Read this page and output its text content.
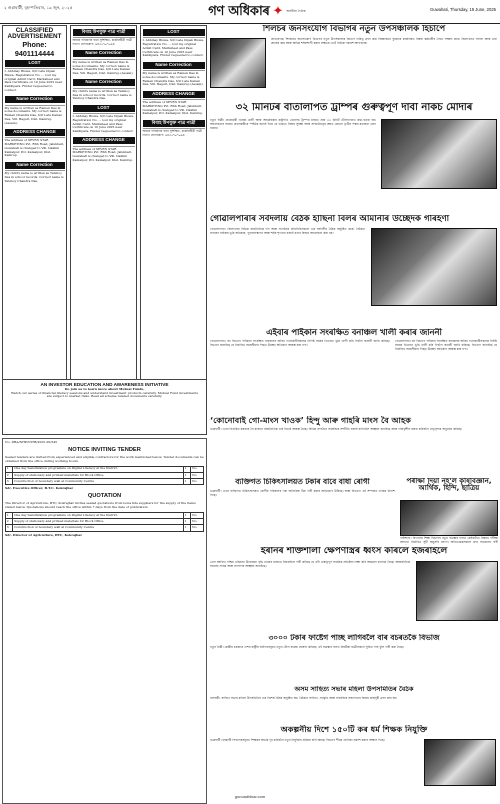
২ গুৱাহাটী, বৃহস্পতিবাৰ, ১৯ জুন, ২০২৫	গণ অধিকাৰ ✦ অসমীয়া দৈনিক	Guwahati, Thursday, 19 June, 2025
CLASSIFIED ADVERTISEMENT
Phone: 9401114444
LOST
I, Abhinay Biswa, S/O Late Dipak Biswa, Registration No. ... lost my original Admit Card, Marksheet and Pass Certificate on 10 June 2025 near Kahilipara. Finder requested to contact.
Name Correction
My name is written as Ramen Das in some documents. My correct name is Ramen Chandra Das, S/O Late Kamal Das, Vill. Baguri, Dist. Kamrup (Assam).
ADDRESS CHANGE
The address of SEVEN STAR MARKETING Pvt. RSS Road, Jalukbari, Guwahati is changed to Vill. Dakhin Kamalpur, P.O. Kamalpur, Dist. Kamrup.
Name Correction
My child's name is written as Tanmoy Das in school records. Correct name is Tanmoy Chandra Das.
বিবাহ উপযুক্ত পাত্ৰ পাত্ৰী
আমাৰ পৰিয়ালৰ বাবে সুশিক্ষিত, চাকৰিজীৱী পাত্ৰী লাগে। যোগাযোগ: ৯৪৩৫৭০৭০৯৪
Name Correction
My name is written as Ramen Das in some documents. My correct name is Ramen Chandra Das, S/O Late Kamal Das, Vill. Baguri, Dist. Kamrup (Assam).
Name Correction
My child's name is written as Tanmoy Das in school records. Correct name is Tanmoy Chandra Das.
LOST
I, Abhinay Biswa, S/O Late Dipak Biswa, Registration No. ... lost my original Admit Card, Marksheet and Pass Certificate on 10 June 2025 near Kahilipara. Finder requested to contact.
ADDRESS CHANGE
The address of SEVEN STAR MARKETING Pvt. RSS Road, Jalukbari, Guwahati is changed to Vill. Dakhin Kamalpur, P.O. Kamalpur, Dist. Kamrup.
LOST
I, Abhinay Biswa, S/O Late Dipak Biswa, Registration No. ... lost my original Admit Card, Marksheet and Pass Certificate on 10 June 2025 near Kahilipara. Finder requested to contact.
Name Correction
My name is written as Ramen Das in some documents. My correct name is Ramen Chandra Das, S/O Late Kamal Das, Vill. Baguri, Dist. Kamrup (Assam).
ADDRESS CHANGE
The address of SEVEN STAR MARKETING Pvt. RSS Road, Jalukbari, Guwahati is changed to Vill. Dakhin Kamalpur, P.O. Kamalpur, Dist. Kamrup.
বিবাহ উপযুক্ত পাত্ৰ পাত্ৰী
আমাৰ পৰিয়ালৰ বাবে সুশিক্ষিত, চাকৰিজীৱী পাত্ৰী লাগে। যোগাযোগ: ৯৪৩৫৭০৭০৯৪
AN INVESTOR EDUCATION AND AWARENESS INITIATIVE
Do join us to learn more about Mutual Funds.
Watch our series of financial literacy sessions and understand investment products carefully. Mutual Fund investments are subject to market risks. Read all scheme related documents carefully.

No. DBA/NHP/NITB/2025-26/345

NOTICE INVITING TENDER

Sealed tenders are invited from experienced and eligible contractors for the work mentioned below. Tender documents can be obtained from the office during working hours.

1	One day Sensitization programme on Digital Literacy at the District	1	No.
2	Supply of stationary and printed materials for Block Office	1	No.
3	Construction of boundary wall at Community Centre	1	No.

Sd/- Executive Officer, B.T.C. Kokrajhar

QUOTATION

The Director of Agriculture, BTC, Kokrajhar invites sealed quotations from bona fide suppliers for the supply of the items stated below. Quotations should reach the office within 7 days from the date of publication.

1	One day Sensitization programme on Digital Literacy at the District	1	No.
2	Supply of stationary and printed materials for Block Office	1	No.
3	Construction of boundary wall at Community Centre	1	No.

Sd/- Director of Agriculture, BTC, Kokrajhar

শিলচৰ জনসংযোগ বিভাগৰ নতুন উপসঞ্চালক হিচাপে
প্ৰতিবেদক। শিলচৰত জনসংযোগ বিভাগৰ নতুন উপসঞ্চালক হিচাপে দায়িত্ব গ্ৰহণ কৰা বিষয়াজনে বুধবাৰে কাৰ্যালয়ত বিষয়া কৰ্মচাৰীৰ সৈতে সাক্ষাৎ কৰে। জিলাখনত সংবাদ আৰু তথ্য প্ৰচাৰৰ কাম আৰু অধিক শক্তিশালী কৰাৰ লক্ষ্যৰে তেওঁ বিভিন্ন পৰামৰ্শ আগবঢ়ায়।
৩২ মিনিটৰ বাৰ্তালাপত ট্ৰাম্পৰ গুৰুত্বপূৰ্ণ দাবী নাকচ মোদীৰ
নতুন দিল্লী। প্ৰধানমন্ত্ৰী নৰেন্দ্ৰ মোদী আৰু আমেৰিকাৰ ৰাষ্ট্ৰপতি ডোনাল্ড ট্ৰাম্পৰ মাজত প্ৰায় ৩২ মিনিট টেলিফোনত কথা-বতৰা হয়। আলোচনাৰ সময়ত প্ৰধানমন্ত্ৰীয়ে স্পষ্টকৈ জনাই দিয়ে যে ভাৰতে নিজৰ সুৰক্ষা আৰু সাৰ্বভৌমত্বৰ প্ৰশ্নত কোনো তৃতীয় পক্ষৰ মধ্যস্থতা গ্ৰহণ নকৰে।
গোৱালপাৰাৰ সৰ্বদলীয় বৈঠক হাছিনা বিলৰ আমানীৰ উচ্ছেদক গৰিহণা
গোৱালপাৰা। জিলাখনৰ বিভিন্ন ৰাজনৈতিক দল আৰু সংগঠনৰ প্ৰতিনিধিসকলে এক সৰ্বদলীয় বৈঠক অনুষ্ঠিত কৰে। বৈঠকত সাধাৰণ ৰাইজৰ ভূমি অধিকাৰ, পুনৰসংস্থাপন আৰু শান্তি শৃংখলা বজাই ৰখাৰ বিষয়ে আলোচনা কৰা হয়।
এইবাৰ পাইকান সংৰক্ষিত বনাঞ্চল খালী কৰাৰ জাননী
গোৱালপাৰা। বন বিভাগে পাইকান সংৰক্ষিত বনাঞ্চলৰ অবৈধ দখলকাৰীসকলক নিৰ্দিষ্ট সময়ৰ ভিতৰত ভূমি খালী কৰি দিবলৈ জাননী জাৰি কৰিছে। বিভাগে জনাইছে যে নিৰ্ধাৰিত সময়সীমাৰ পিছত উচ্ছেদ অভিযান আৰম্ভ কৰা হ'ব।
গোৱালপাৰা। বন বিভাগে পাইকান সংৰক্ষিত বনাঞ্চলৰ অবৈধ দখলকাৰীসকলক নিৰ্দিষ্ট সময়ৰ ভিতৰত ভূমি খালী কৰি দিবলৈ জাননী জাৰি কৰিছে। বিভাগে জনাইছে যে নিৰ্ধাৰিত সময়সীমাৰ পিছত উচ্ছেদ অভিযান আৰম্ভ কৰা হ'ব।
‘কোনোবাই গো-মাংস খাওক’ হিন্দু আৰু গাহৰি মাংস বৈ আহক
গুৱাহাটী। এখন বিতৰ্কিত মন্তব্যক লৈ ৰাজ্যত ৰাজনৈতিক তৰ্ক বিতৰ্ক আৰম্ভ হৈছে। বিভিন্ন সংগঠনে সামাজিক সম্প্ৰীতি বজাই ৰাখিবলৈ আহ্বান জনাইছে আৰু দায়িত্বশীল মন্তব্য কৰিবলৈ নেতৃবৃন্দক অনুৰোধ কৰিছে।
ব্যক্তিগত চিকিৎসালয়ত টকাৰ বাবে বাধা ৰোগী
গুৱাহাটী। এখন ব্যক্তিগত চিকিৎসালয়ত ৰোগীৰ পৰিয়ালৰ পৰা অতিৰিক্ত টকা দাবী কৰাৰ অভিযোগ উঠিছে। স্বাস্থ্য বিভাগে এই সম্পৰ্কত তদন্তৰ নিৰ্দেশ দিছে।
পৰীক্ষা দিয়া নহ'ল কৃষিবিজ্ঞান, আৰ্থিক, হিন্দি, ছাত্ৰিয়
পাঠশালা। বিদ্যালয় শিক্ষা বিভাগৰ নতুন ব্যৱস্থাৰ ফলত কেইবাটাও বিষয়ৰ পৰীক্ষা আগতে নিৰ্ধাৰিত সূচী অনুসৰি নহ'ল। অভিভাৱকসকলে দ্ৰুত সমাধানৰ দাবী
ইৰানৰ শক্তিশালী ক্ষেপণাস্ত্ৰৰ ধ্বংস কৰিলে ইজৰাইলে
তেল আবিব। পশ্চিম এছিয়াত উত্তেজনা বৃদ্ধি হোৱাৰ মাজতে ইজৰাইলে দাবী কৰিছে যে এটা গুৰুত্বপূৰ্ণ সামৰিক প্ৰতিষ্ঠান লক্ষ্য কৰি আক্ৰমণ চলোৱা হৈছে। আন্তৰ্জাতিক সমাজে সংযম আৰু সংলাপৰ আহ্বান জনাইছে।
৩০০০ টকাৰ ফাষ্টেগ পাচ্ছ লাগিবলৈ বাৰ বচৰতকৈ বিভাজ
নতুন দিল্লী। কেন্দ্ৰীয় চৰকাৰে দেশৰ ৰাষ্ট্ৰীয় ঘাইপথসমূহত নতুন টোল ব্যৱস্থা ঘোষণা কৰিছে। এই ব্যৱস্থাৰ ফলত নিয়মীয়া যাত্ৰীসকলে সুবিধা পাব বুলি দাবী কৰা হৈছে।
অসম সাহিত্য সভাৰ মহিলা উপসমিতিৰ বৈঠক
নলবাৰী। সাহিত্য সভাৰ মহিলা উপসমিতিৰ এক বিশেষ বৈঠক অনুষ্ঠিত হয়। বৈঠকত সাহিত্য, সংস্কৃতি আৰু সামাজিক সজাগতাৰ বিষয়ে কাৰ্যসূচী গ্ৰহণ কৰা হয়।
অকল্পনীয় দিশে ১৫০টি কৰ ধৰ্ম শিক্ষক নিযুক্তি
গুৱাহাটী। চৰকাৰী বিদ্যালয়সমূহত শিক্ষকৰ অভাৱ দূৰ কৰিবলৈ নতুন নিযুক্তিৰ প্ৰক্ৰিয়া চলি আছে। বিভাগে শীঘ্ৰে তালিকা প্ৰকাশ কৰাৰ আশ্বাস দিছে।
gonoadhikar.com
